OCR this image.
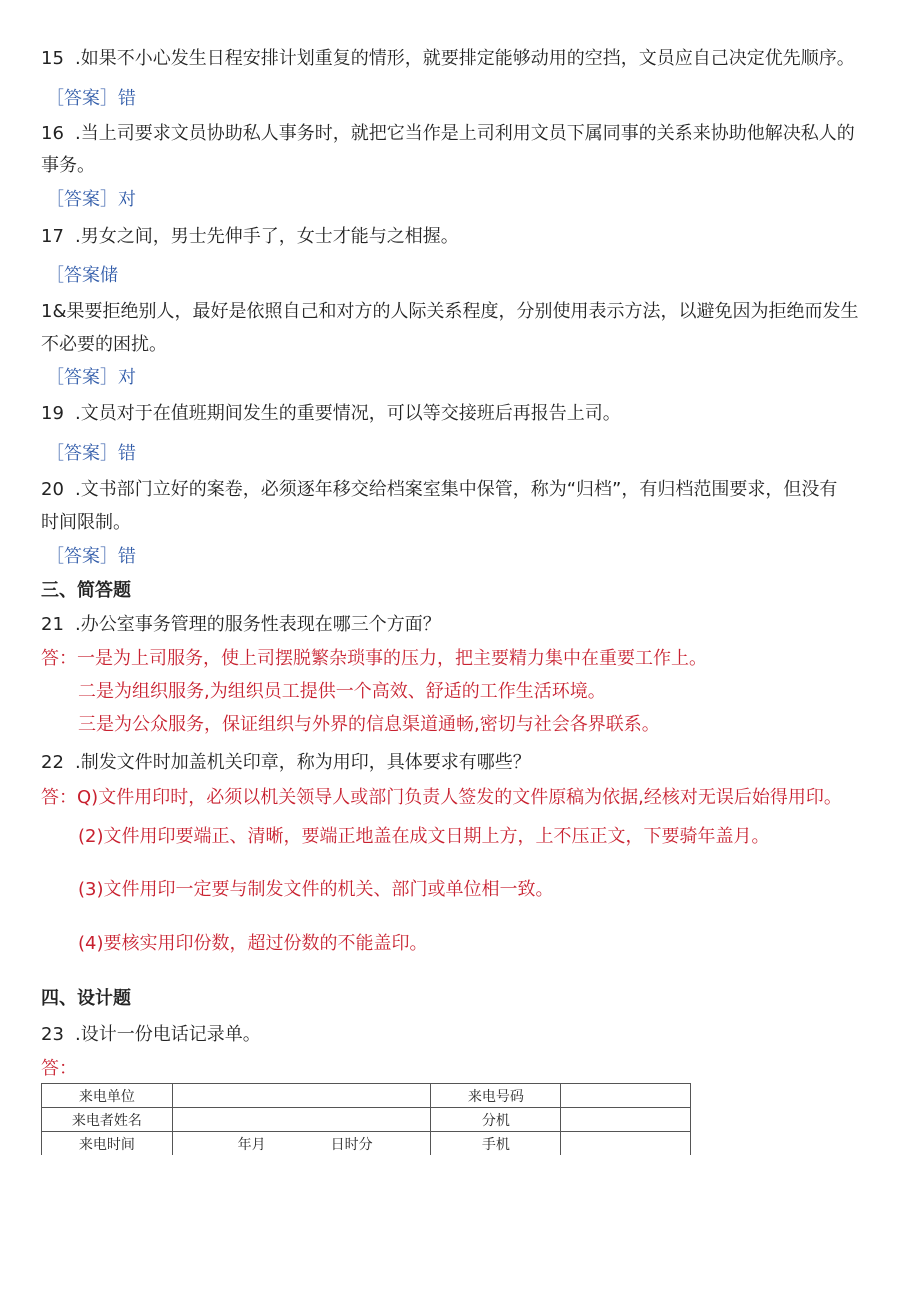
15 .如果不小心发生日程安排计划重复的情形，就要排定能够动用的空挡，文员应自己决定优先顺序。
［答案］错
16 .当上司要求文员协助私人事务时，就把它当作是上司利用文员下属同事的关系来协助他解决私人的
事务。
［答案］对
17 .男女之间，男士先伸手了，女士才能与之相握。
［答案储
1&果要拒绝别人，最好是依照自己和对方的人际关系程度，分别使用表示方法，以避免因为拒绝而发生
不必要的困扰。
［答案］对
19 .文员对于在值班期间发生的重要情况，可以等交接班后再报告上司。
［答案］错
20 .文书部门立好的案卷，必须逐年移交给档案室集中保管，称为“归档”，有归档范围要求，但没有
时间限制。
［答案］错
三、简答题
21 .办公室事务管理的服务性表现在哪三个方面？
答：一是为上司服务，使上司摆脱繁杂琐事的压力，把主要精力集中在重要工作上。
二是为组织服务,为组织员工提供一个高效、舒适的工作生活环境。
三是为公众服务，保证组织与外界的信息渠道通畅,密切与社会各界联系。
22 .制发文件时加盖机关印章，称为用印，具体要求有哪些？
答：Q)文件用印时，必须以机关领导人或部门负责人签发的文件原稿为依据,经核对无误后始得用印。
(2)文件用印要端正、清晰，要端正地盖在成文日期上方，上不压正文，下要骑年盖月。
(3)文件用印一定要与制发文件的机关、部门或单位相一致。
(4)要核实用印份数，超过份数的不能盖印。
四、设计题
23 .设计一份电话记录单。
答：
来电单位		来电号码	
来电者姓名		分机	
来电时间	年月 日时分	手机	
